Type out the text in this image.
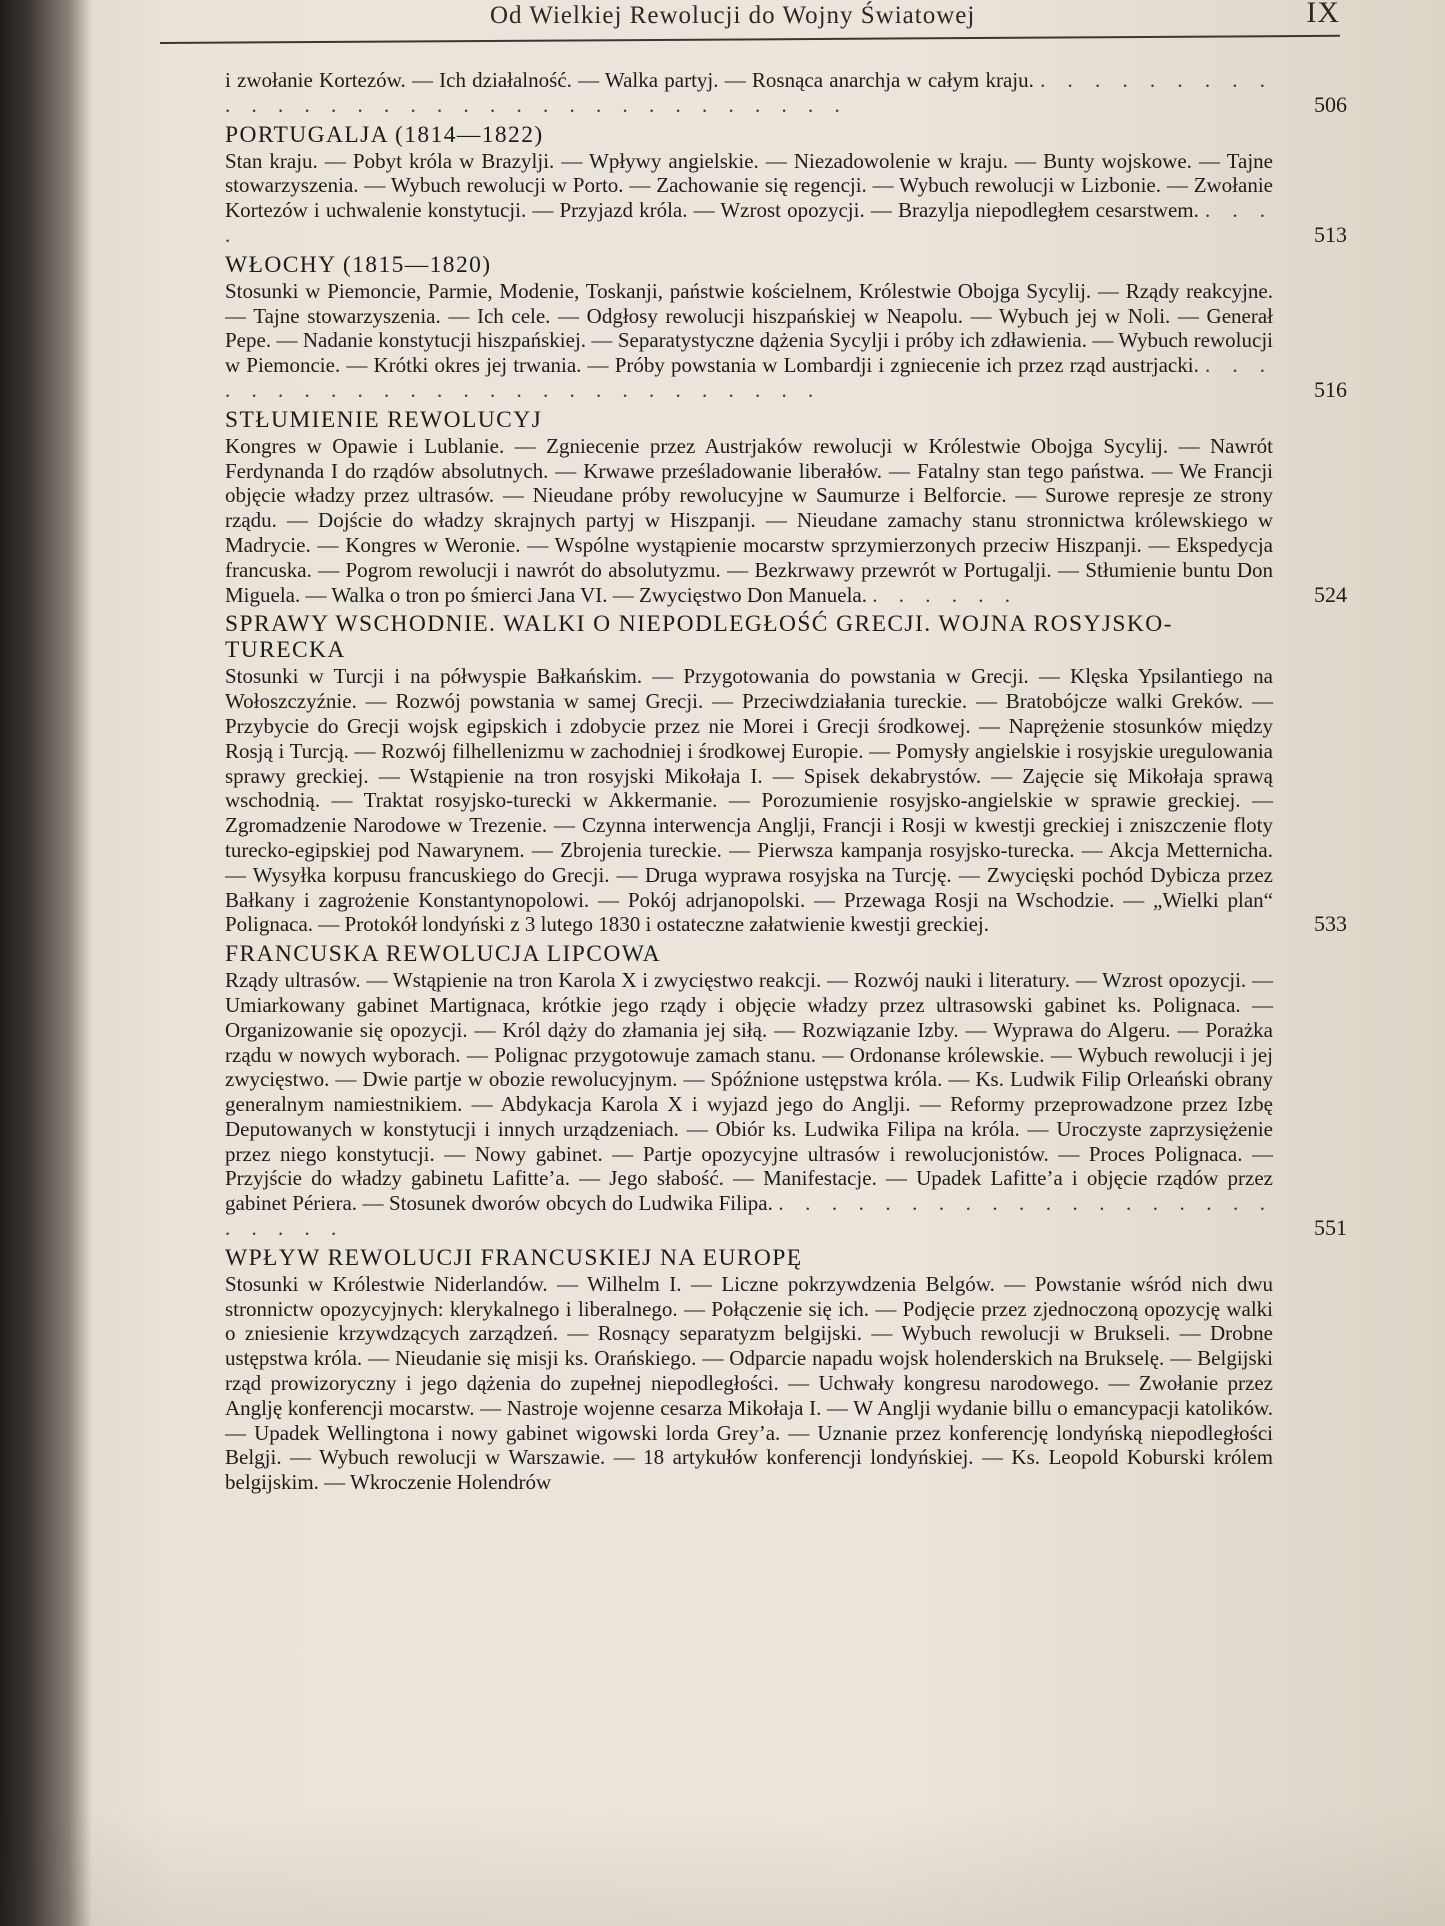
Od Wielkiej Rewolucji do Wojny Światowej	IX
i zwołanie Kortezów. — Ich działalność. — Walka partyj. — Rosnąca anarchja w całym kraju. . . . . . . . . . . . . . . . . . . . . . . . . . . . . . . . . .	506
PORTUGALJA (1814—1822)
Stan kraju. — Pobyt króla w Brazylji. — Wpływy angielskie. — Niezadowolenie w kraju. — Bunty wojskowe. — Tajne stowarzyszenia. — Wybuch rewolucji w Porto. — Zachowanie się regencji. — Wybuch rewolucji w Lizbonie. — Zwołanie Kortezów i uchwalenie konstytucji. — Przyjazd króla. — Wzrost opozycji. — Brazylja niepodległem cesarstwem. . . . .	513
WŁOCHY (1815—1820)
Stosunki w Piemoncie, Parmie, Modenie, Toskanji, państwie kościelnem, Królestwie Obojga Sycylij. — Rządy reakcyjne. — Tajne stowarzyszenia. — Ich cele. — Odgłosy rewolucji hiszpańskiej w Neapolu. — Wybuch jej w Noli. — Generał Pepe. — Nadanie konstytucji hiszpańskiej. — Separatystyczne dążenia Sycylji i próby ich zdławienia. — Wybuch rewolucji w Piemoncie. — Krótki okres jej trwania. — Próby powstania w Lombardji i zgniecenie ich przez rząd austrjacki. . . . . . . . . . . . . . . . . . . . . . . . . . .	516
STŁUMIENIE REWOLUCYJ
Kongres w Opawie i Lublanie. — Zgniecenie przez Austrjaków rewolucji w Królestwie Obojga Sycylij. — Nawrót Ferdynanda I do rządów absolutnych. — Krwawe prześladowanie liberałów. — Fatalny stan tego państwa. — We Francji objęcie władzy przez ultrasów. — Nieudane próby rewolucyjne w Saumurze i Belforcie. — Surowe represje ze strony rządu. — Dojście do władzy skrajnych partyj w Hiszpanji. — Nieudane zamachy stanu stronnictwa królewskiego w Madrycie. — Kongres w Weronie. — Wspólne wystąpienie mocarstw sprzymierzonych przeciw Hiszpanji. — Ekspedycja francuska. — Pogrom rewolucji i nawrót do absolutyzmu. — Bezkrwawy przewrót w Portugalji. — Stłumienie buntu Don Miguela. — Walka o tron po śmierci Jana VI. — Zwycięstwo Don Manuela. . . . . . .	524
SPRAWY WSCHODNIE. WALKI O NIEPODLEGŁOŚĆ GRECJI. WOJNA ROSYJSKO-TURECKA
Stosunki w Turcji i na półwyspie Bałkańskim. — Przygotowania do powstania w Grecji. — Klęska Ypsilantiego na Wołoszczyźnie. — Rozwój powstania w samej Grecji. — Przeciwdziałania tureckie. — Bratobójcze walki Greków. — Przybycie do Grecji wojsk egipskich i zdobycie przez nie Morei i Grecji środkowej. — Naprężenie stosunków między Rosją i Turcją. — Rozwój filhellenizmu w zachodniej i środkowej Europie. — Pomysły angielskie i rosyjskie uregulowania sprawy greckiej. — Wstąpienie na tron rosyjski Mikołaja I. — Spisek dekabrystów. — Zajęcie się Mikołaja sprawą wschodnią. — Traktat rosyjsko-turecki w Akkermanie. — Porozumienie rosyjsko-angielskie w sprawie greckiej. — Zgromadzenie Narodowe w Trezenie. — Czynna interwencja Anglji, Francji i Rosji w kwestji greckiej i zniszczenie floty turecko-egipskiej pod Nawarynem. — Zbrojenia tureckie. — Pierwsza kampanja rosyjsko-turecka. — Akcja Metternicha. — Wysyłka korpusu francuskiego do Grecji. — Druga wyprawa rosyjska na Turcję. — Zwycięski pochód Dybicza przez Bałkany i zagrożenie Konstantynopolowi. — Pokój adrjanopolski. — Przewaga Rosji na Wschodzie. — „Wielki plan“ Polignaca. — Protokół londyński z 3 lutego 1830 i ostateczne załatwienie kwestji greckiej.	533
FRANCUSKA REWOLUCJA LIPCOWA
Rządy ultrasów. — Wstąpienie na tron Karola X i zwycięstwo reakcji. — Rozwój nauki i literatury. — Wzrost opozycji. — Umiarkowany gabinet Martignaca, krótkie jego rządy i objęcie władzy przez ultrasowski gabinet ks. Polignaca. — Organizowanie się opozycji. — Król dąży do złamania jej siłą. — Rozwiązanie Izby. — Wyprawa do Algeru. — Porażka rządu w nowych wyborach. — Polignac przygotowuje zamach stanu. — Ordonanse królewskie. — Wybuch rewolucji i jej zwycięstwo. — Dwie partje w obozie rewolucyjnym. — Spóźnione ustępstwa króla. — Ks. Ludwik Filip Orleański obrany generalnym namiestnikiem. — Abdykacja Karola X i wyjazd jego do Anglji. — Reformy przeprowadzone przez Izbę Deputowanych w konstytucji i innych urządzeniach. — Obiór ks. Ludwika Filipa na króla. — Uroczyste zaprzysiężenie przez niego konstytucji. — Nowy gabinet. — Partje opozycyjne ultrasów i rewolucjonistów. — Proces Polignaca. — Przyjście do władzy gabinetu Lafitte’a. — Jego słabość. — Manifestacje. — Upadek Lafitte’a i objęcie rządów przez gabinet Périera. — Stosunek dworów obcych do Ludwika Filipa. . . . . . . . . . . . . . . . . . . . . . . . .	551
WPŁYW REWOLUCJI FRANCUSKIEJ NA EUROPĘ
Stosunki w Królestwie Niderlandów. — Wilhelm I. — Liczne pokrzywdzenia Belgów. — Powstanie wśród nich dwu stronnictw opozycyjnych: klerykalnego i liberalnego. — Połączenie się ich. — Podjęcie przez zjednoczoną opozycję walki o zniesienie krzywdzących zarządzeń. — Rosnący separatyzm belgijski. — Wybuch rewolucji w Brukseli. — Drobne ustępstwa króla. — Nieudanie się misji ks. Orańskiego. — Odparcie napadu wojsk holenderskich na Brukselę. — Belgijski rząd prowizoryczny i jego dążenia do zupełnej niepodległości. — Uchwały kongresu narodowego. — Zwołanie przez Anglję konferencji mocarstw. — Nastroje wojenne cesarza Mikołaja I. — W Anglji wydanie billu o emancypacji katolików. — Upadek Wellingtona i nowy gabinet wigowski lorda Grey’a. — Uznanie przez konferencję londyńską niepodległości Belgji. — Wybuch rewolucji w Warszawie. — 18 artykułów konferencji londyńskiej. — Ks. Leopold Koburski królem belgijskim. — Wkroczenie Holendrów
